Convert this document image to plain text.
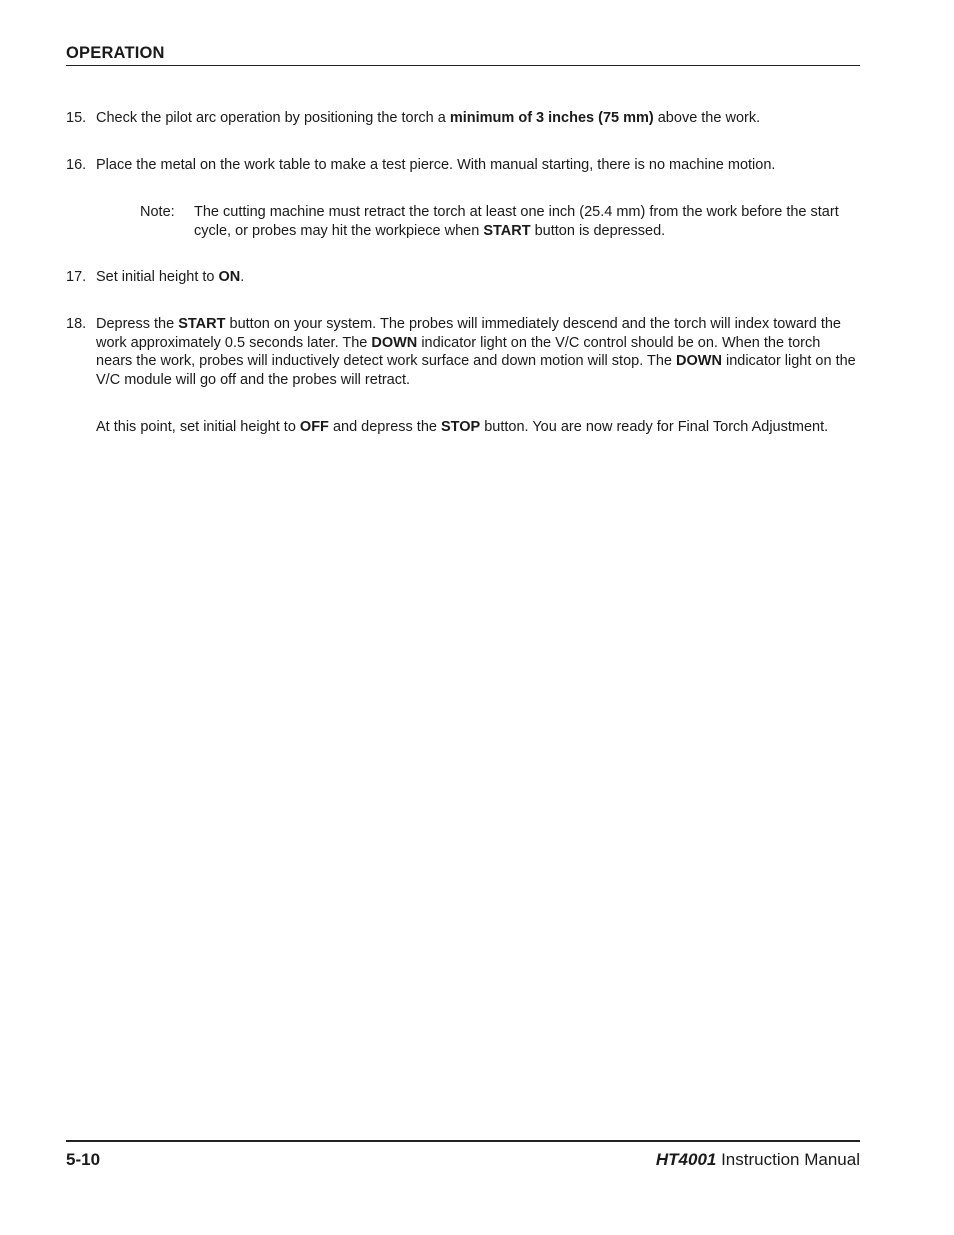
OPERATION
15. Check the pilot arc operation by positioning the torch a minimum of 3 inches (75 mm) above the work.
16. Place the metal on the work table to make a test pierce. With manual starting, there is no machine motion.
Note: The cutting machine must retract the torch at least one inch (25.4 mm) from the work before the start cycle, or probes may hit the workpiece when START button is depressed.
17. Set initial height to ON.
18. Depress the START button on your system. The probes will immediately descend and the torch will index toward the work approximately 0.5 seconds later. The DOWN indicator light on the V/C control should be on. When the torch nears the work, probes will inductively detect work surface and down motion will stop. The DOWN indicator light on the V/C module will go off and the probes will retract.
At this point, set initial height to OFF and depress the STOP button. You are now ready for Final Torch Adjustment.
5-10	HT4001 Instruction Manual
